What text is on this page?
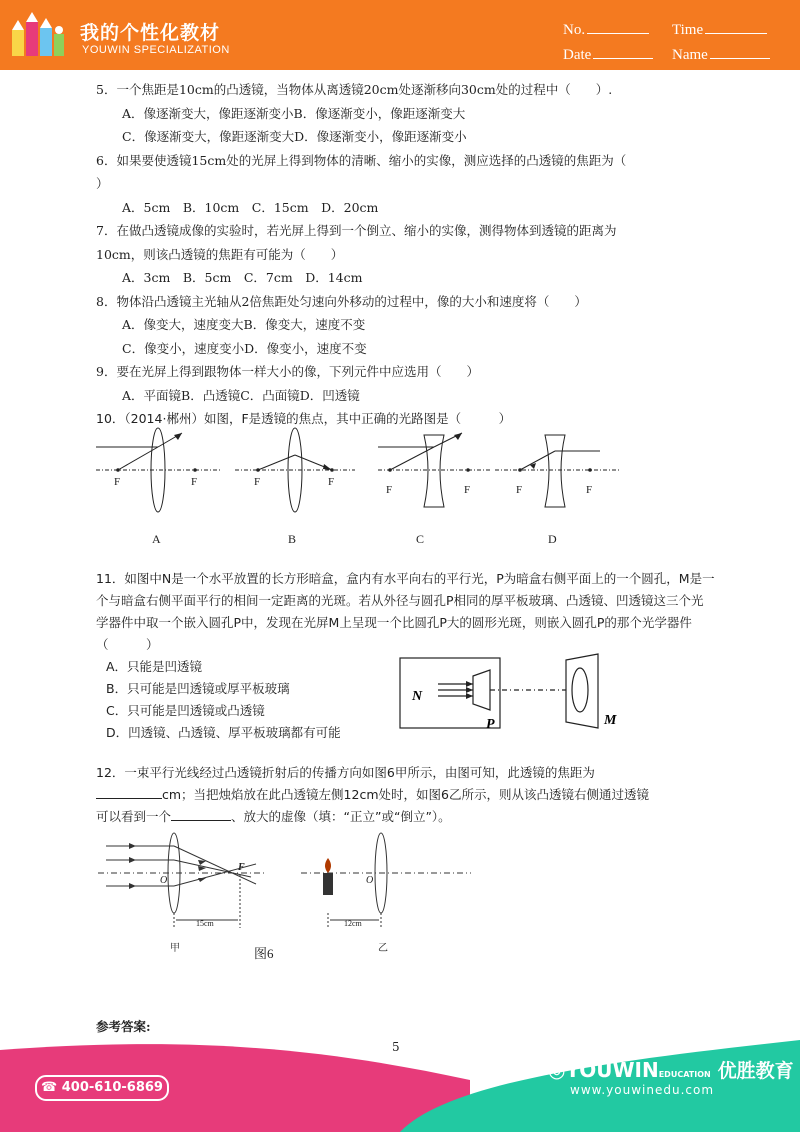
我的个性化教材
YOUWIN SPECIALIZATION
No.	Time
Date	Name

5．一个焦距是10cm的凸透镜，当物体从离透镜20cm处逐渐移向30cm处的过程中（　　）.

A．像逐渐变大，像距逐渐变小B．像逐渐变小，像距逐渐变大

C．像逐渐变大，像距逐渐变大D．像逐渐变小，像距逐渐变小

6．如果要使透镜15cm处的光屏上得到物体的清晰、缩小的实像，测应选择的凸透镜的焦距为（

）

A．5cm　B．10cm　C．15cm　D．20cm

7．在做凸透镜成像的实验时，若光屏上得到一个倒立、缩小的实像，测得物体到透镜的距离为

10cm，则该凸透镜的焦距有可能为（　　）

A．3cm　B．5cm　C．7cm　D．14cm

8．物体沿凸透镜主光轴从2倍焦距处匀速向外移动的过程中，像的大小和速度将（　　）

A．像变大，速度变大B．像变大，速度不变

C．像变小，速度变小D．像变小，速度不变

9．要在光屏上得到跟物体一样大小的像，下列元件中应选用（　　）

A．平面镜B．凸透镜C．凸面镜D．凹透镜

10．（2014·郴州）如图，F是透镜的焦点，其中正确的光路图是（　　　）

F	F	F	F
F	F	F	F
A	B	C	D

11．如图中N是一个水平放置的长方形暗盒，盒内有水平向右的平行光，P为暗盒右侧平面上的一个圆孔，M是一个与暗盒右侧平面平行的相间一定距离的光斑。若从外径与圆孔P相同的厚平板玻璃、凸透镜、凹透镜这三个光学器件中取一个嵌入圆孔P中，发现在光屏M上呈现一个比圆孔P大的圆形光斑，则嵌入圆孔P的那个光学器件（　　　）

A．只能是凹透镜

B．只可能是凹透镜或厚平板玻璃

C．只可能是凹透镜或凸透镜

D．凹透镜、凸透镜、厚平板玻璃都有可能

N
P	M

12．一束平行光线经过凸透镜折射后的传播方向如图6甲所示，由图可知，此透镜的焦距为

cm；当把烛焰放在此凸透镜左侧12cm处时，如图6乙所示，则从该凸透镜右侧通过透镜

可以看到一个	、放大的虚像（填：“正立”或“倒立”）。

O
F
15cm
O
12cm
甲	乙
图6
参考答案:
5
☎ 400-610-6869
◎YOUWINEDUCATION 优胜教育
www.youwinedu.com
